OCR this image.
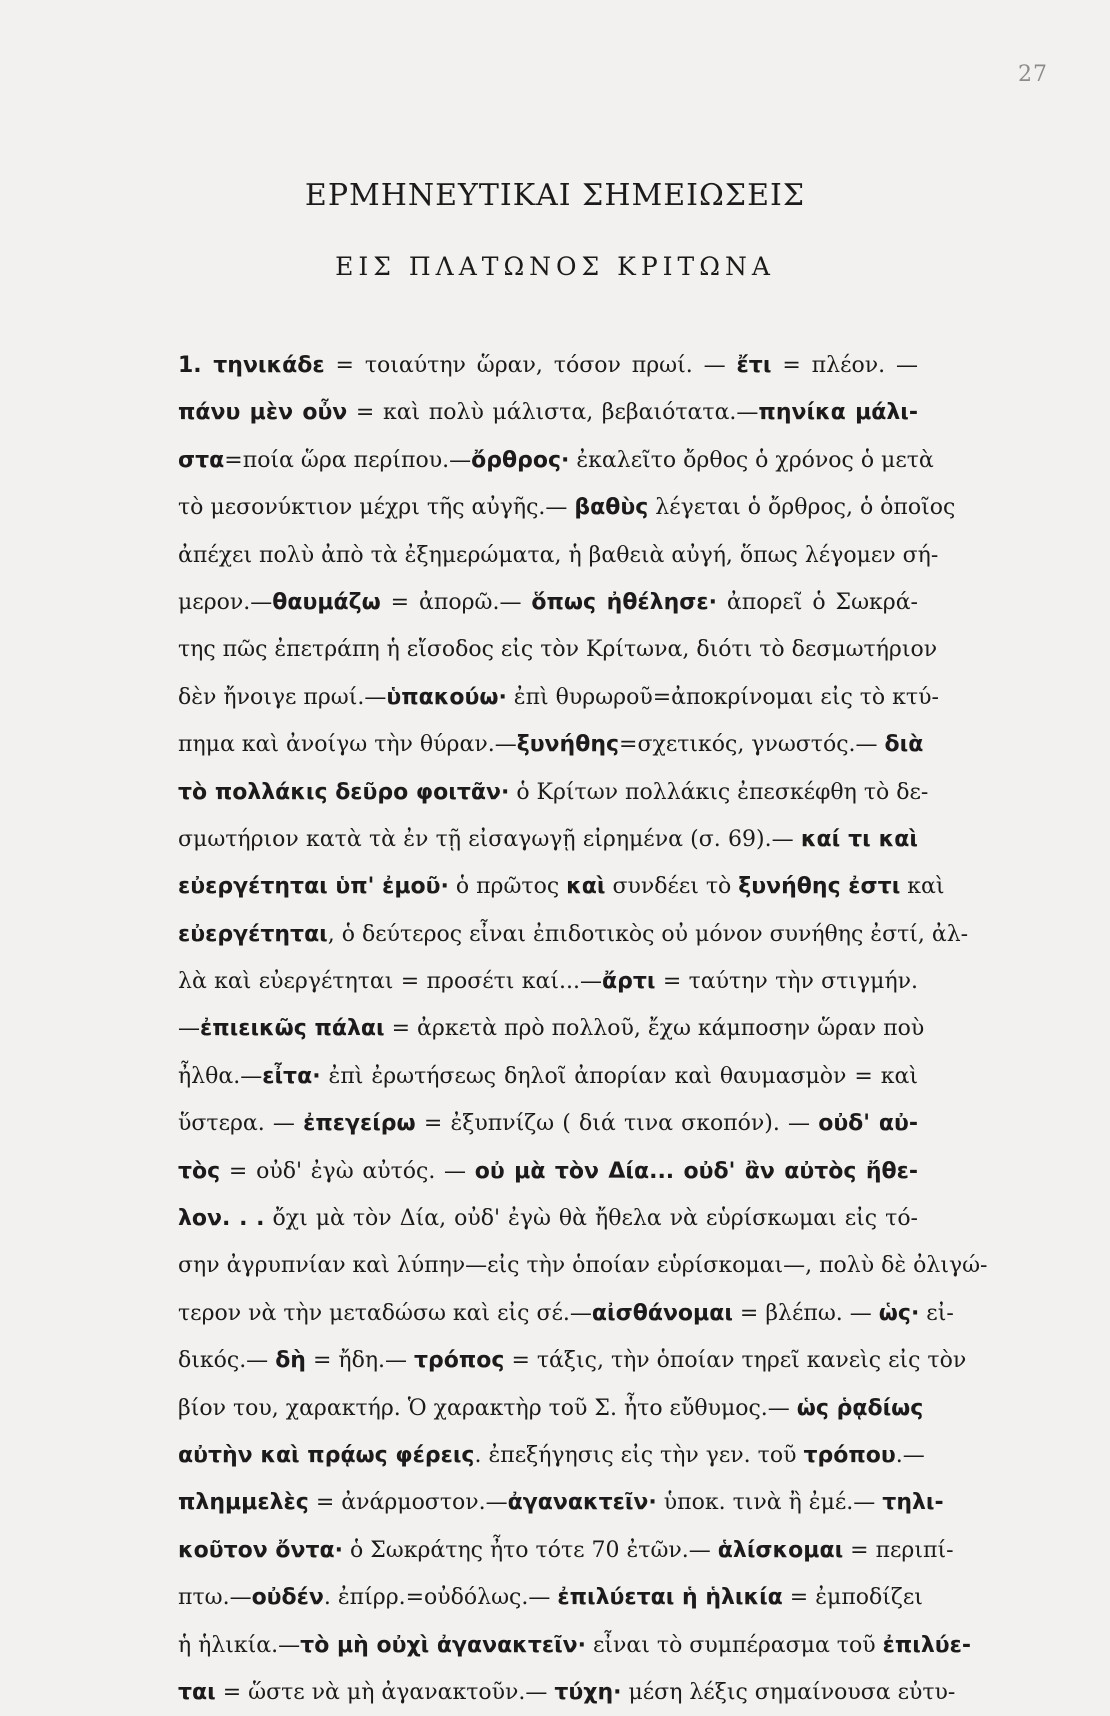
27
ΕΡΜΗΝΕΥΤΙΚΑΙ ΣΗΜΕΙΩΣΕΙΣ
ΕΙΣ ΠΛΑΤΩΝΟΣ ΚΡΙΤΩΝΑ
1. τηνικάδε = τοιαύτην ὥραν, τόσον πρωί. — ἔτι = πλέον. —
πάνυ μὲν οὖν = καὶ πολὺ μάλιστα, βεβαιότατα.—πηνίκα μάλι-
στα=ποία ὥρα περίπου.—ὄρθρος· ἐκαλεῖτο ὄρθος ὁ χρόνος ὁ μετὰ
τὸ μεσονύκτιον μέχρι τῆς αὐγῆς.— βαθὺς λέγεται ὁ ὄρθρος, ὁ ὁποῖος
ἀπέχει πολὺ ἀπὸ τὰ ἐξημερώματα, ἡ βαθειὰ αὐγή, ὅπως λέγομεν σή-
μερον.—θαυμάζω = ἀπορῶ.— ὅπως ἠθέλησε· ἀπορεῖ ὁ Σωκρά-
της πῶς ἐπετράπη ἡ εἴσοδος εἰς τὸν Κρίτωνα, διότι τὸ δεσμωτήριον
δὲν ἤνοιγε πρωί.—ὑπακούω· ἐπὶ θυρωροῦ=ἀποκρίνομαι εἰς τὸ κτύ-
πημα καὶ ἀνοίγω τὴν θύραν.—ξυνήθης=σχετικός, γνωστός.— διὰ
τὸ πολλάκις δεῦρο φοιτᾶν· ὁ Κρίτων πολλάκις ἐπεσκέφθη τὸ δε-
σμωτήριον κατὰ τὰ ἐν τῇ εἰσαγωγῇ εἰρημένα (σ. 69).— καί τι καὶ
εὐεργέτηται ὑπ' ἐμοῦ· ὁ πρῶτος καὶ συνδέει τὸ ξυνήθης ἐστι καὶ
εὐεργέτηται, ὁ δεύτερος εἶναι ἐπιδοτικὸς οὐ μόνον συνήθης ἐστί, ἀλ-
λὰ καὶ εὐεργέτηται = προσέτι καί...—ἄρτι = ταύτην τὴν στιγμήν.
—ἐπιεικῶς πάλαι = ἀρκετὰ πρὸ πολλοῦ, ἔχω κάμποσην ὥραν ποὺ
ἦλθα.—εἶτα· ἐπὶ ἐρωτήσεως δηλοῖ ἀπορίαν καὶ θαυμασμὸν = καὶ
ὕστερα. — ἐπεγείρω = ἐξυπνίζω ( διά τινα σκοπόν). — οὐδ' αὐ-
τὸς = οὐδ' ἐγὼ αὐτός. — οὐ μὰ τὸν Δία... οὐδ' ἂν αὐτὸς ἤθε-
λον. . . ὄχι μὰ τὸν Δία, οὐδ' ἐγὼ θὰ ἤθελα νὰ εὑρίσκωμαι εἰς τό-
σην ἀγρυπνίαν καὶ λύπην—εἰς τὴν ὁποίαν εὑρίσκομαι—, πολὺ δὲ ὀλιγώ-
τερον νὰ τὴν μεταδώσω καὶ εἰς σέ.—αἰσθάνομαι = βλέπω. — ὡς· εἰ-
δικός.— δὴ = ἤδη.— τρόπος = τάξις, τὴν ὁποίαν τηρεῖ κανεὶς εἰς τὸν
βίον του, χαρακτήρ. Ὁ χαρακτὴρ τοῦ Σ. ἦτο εὔθυμος.— ὡς ῥᾳδίως
αὐτὴν καὶ πρᾴως φέρεις. ἐπεξήγησις εἰς τὴν γεν. τοῦ τρόπου.—
πλημμελὲς = ἀνάρμοστον.—ἀγανακτεῖν· ὑποκ. τινὰ ἢ ἐμέ.— τηλι-
κοῦτον ὄντα· ὁ Σωκράτης ἦτο τότε 70 ἐτῶν.— ἁλίσκομαι = περιπί-
πτω.—οὐδέν. ἐπίρρ.=οὐδόλως.— ἐπιλύεται ἡ ἡλικία = ἐμποδίζει
ἡ ἡλικία.—τὸ μὴ οὐχὶ ἀγανακτεῖν· εἶναι τὸ συμπέρασμα τοῦ ἐπιλύε-
ται = ὥστε νὰ μὴ ἀγανακτοῦν.— τύχη· μέση λέξις σημαίνουσα εὐτυ-
